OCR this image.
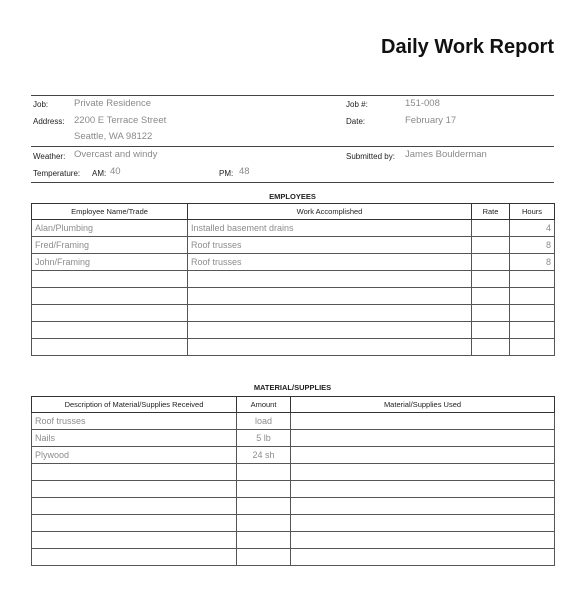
Daily Work Report
Job:	Private Residence	Job #:	151-008
Address: 2200 E Terrace Street	Date:	February 17
Seattle, WA 98122
Weather: Overcast and windy	Submitted by: James Boulderman
Temperature: AM: 40	PM: 48
EMPLOYEES
Employee Name/Trade	Work Accomplished	Rate	Hours
Alan/Plumbing	Installed basement drains		4
Fred/Framing	Roof trusses		8
John/Framing	Roof trusses		8

MATERIAL/SUPPLIES
Description of Material/Supplies Received	Amount	Material/Supplies Used
Roof trusses	load	
Nails	5 lb	
Plywood	24 sh	
